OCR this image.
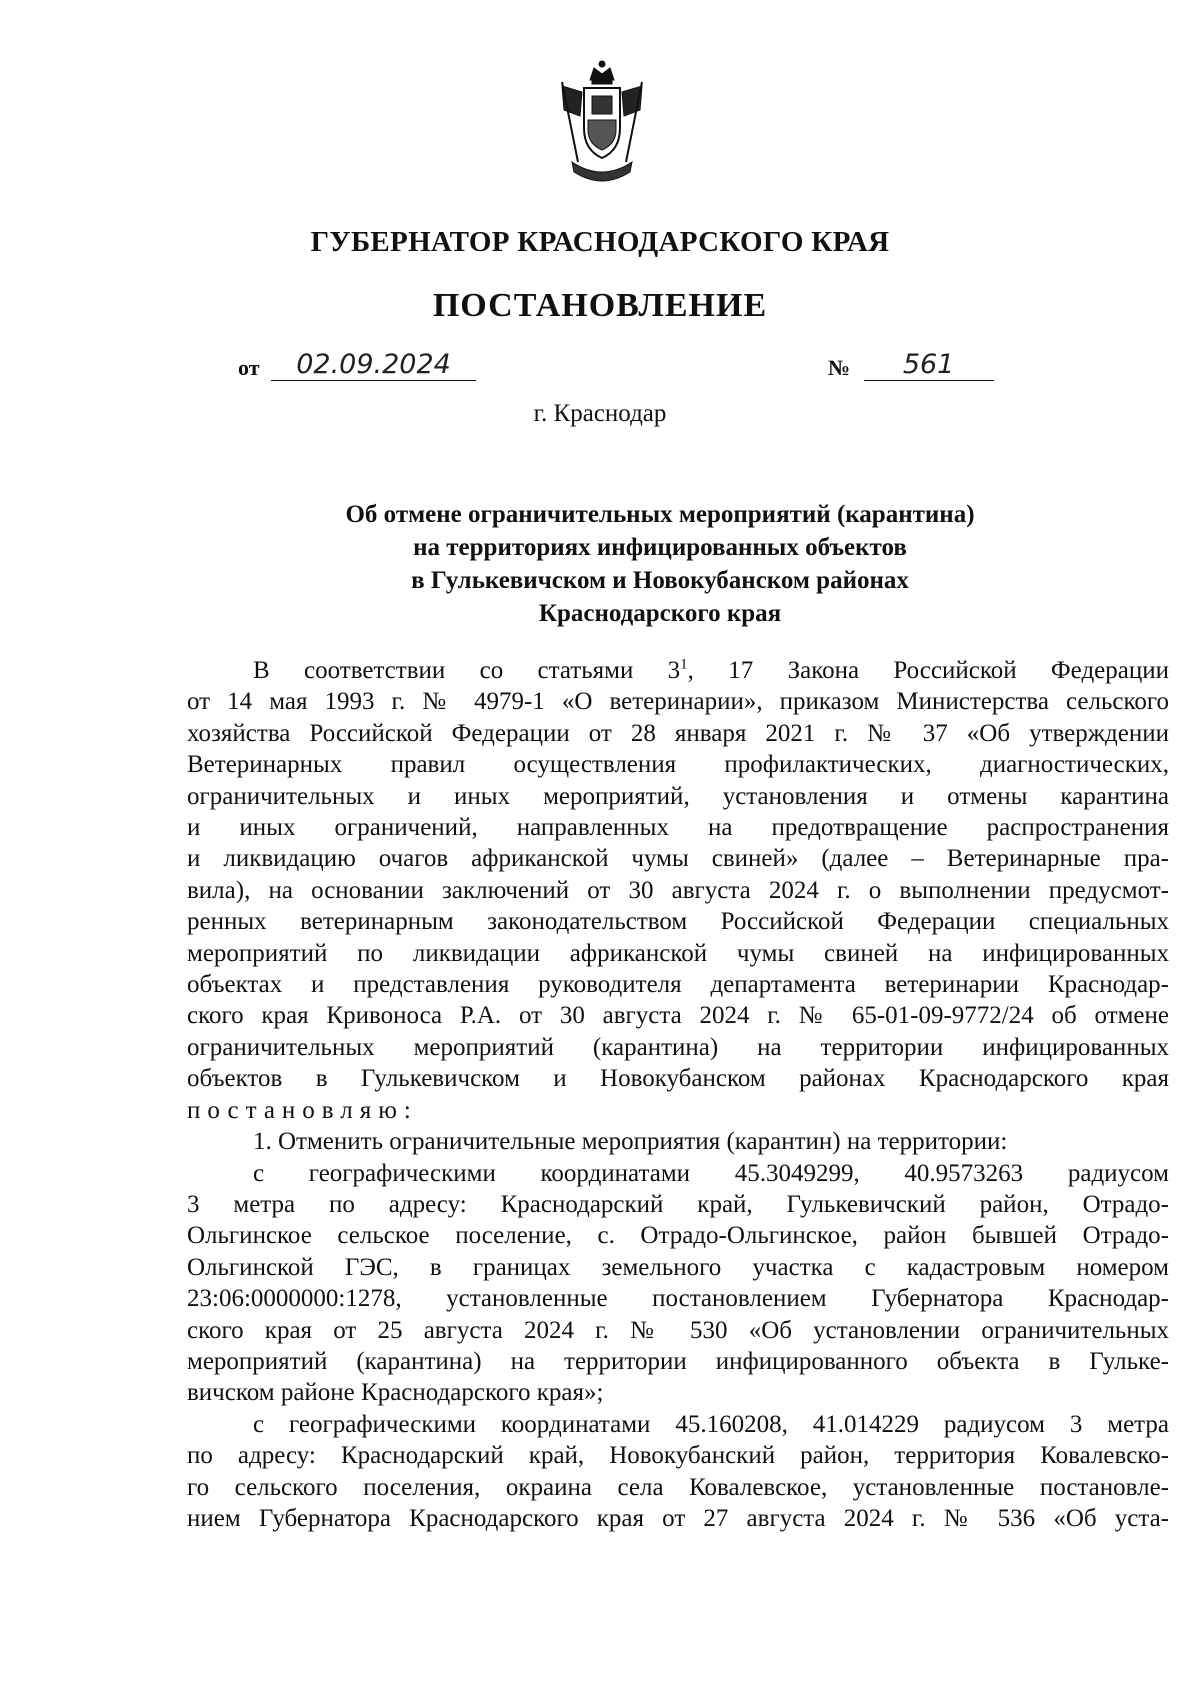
ГУБЕРНАТОР КРАСНОДАРСКОГО КРАЯ
ПОСТАНОВЛЕНИЕ
от 02.09.2024	№ 561
г. Краснодар
Об отмене ограничительных мероприятий (карантина)
на территориях инфицированных объектов
в Гулькевичском и Новокубанском районах
Краснодарского края
В соответствии со статьями $3^1$, 17 Закона Российской Федерации
от 14 мая 1993 г. № 4979-1 «О ветеринарии», приказом Министерства сельского
хозяйства Российской Федерации от 28 января 2021 г. № 37 «Об утверждении
Ветеринарных правил осуществления профилактических, диагностических,
ограничительных и иных мероприятий, установления и отмены карантина
и иных ограничений, направленных на предотвращение распространения
и ликвидацию очагов африканской чумы свиней» (далее – Ветеринарные пра-
вила), на основании заключений от 30 августа 2024 г. о выполнении предусмот-
ренных ветеринарным законодательством Российской Федерации специальных
мероприятий по ликвидации африканской чумы свиней на инфицированных
объектах и представления руководителя департамента ветеринарии Краснодар-
ского края Кривоноса Р.А. от 30 августа 2024 г. № 65-01-09-9772/24 об отмене
ограничительных мероприятий (карантина) на территории инфицированных
объектов в Гулькевичском и Новокубанском районах Краснодарского края
постановляю:
1. Отменить ограничительные мероприятия (карантин) на территории:
с географическими координатами 45.3049299, 40.9573263 радиусом
3 метра по адресу: Краснодарский край, Гулькевичский район, Отрадо-
Ольгинское сельское поселение, с. Отрадо-Ольгинское, район бывшей Отрадо-
Ольгинской ГЭС, в границах земельного участка с кадастровым номером
23:06:0000000:1278, установленные постановлением Губернатора Краснодар-
ского края от 25 августа 2024 г. № 530 «Об установлении ограничительных
мероприятий (карантина) на территории инфицированного объекта в Гульке-
вичском районе Краснодарского края»;
с географическими координатами 45.160208, 41.014229 радиусом 3 метра
по адресу: Краснодарский край, Новокубанский район, территория Ковалевско-
го сельского поселения, окраина села Ковалевское, установленные постановле-
нием Губернатора Краснодарского края от 27 августа 2024 г. № 536 «Об уста-
